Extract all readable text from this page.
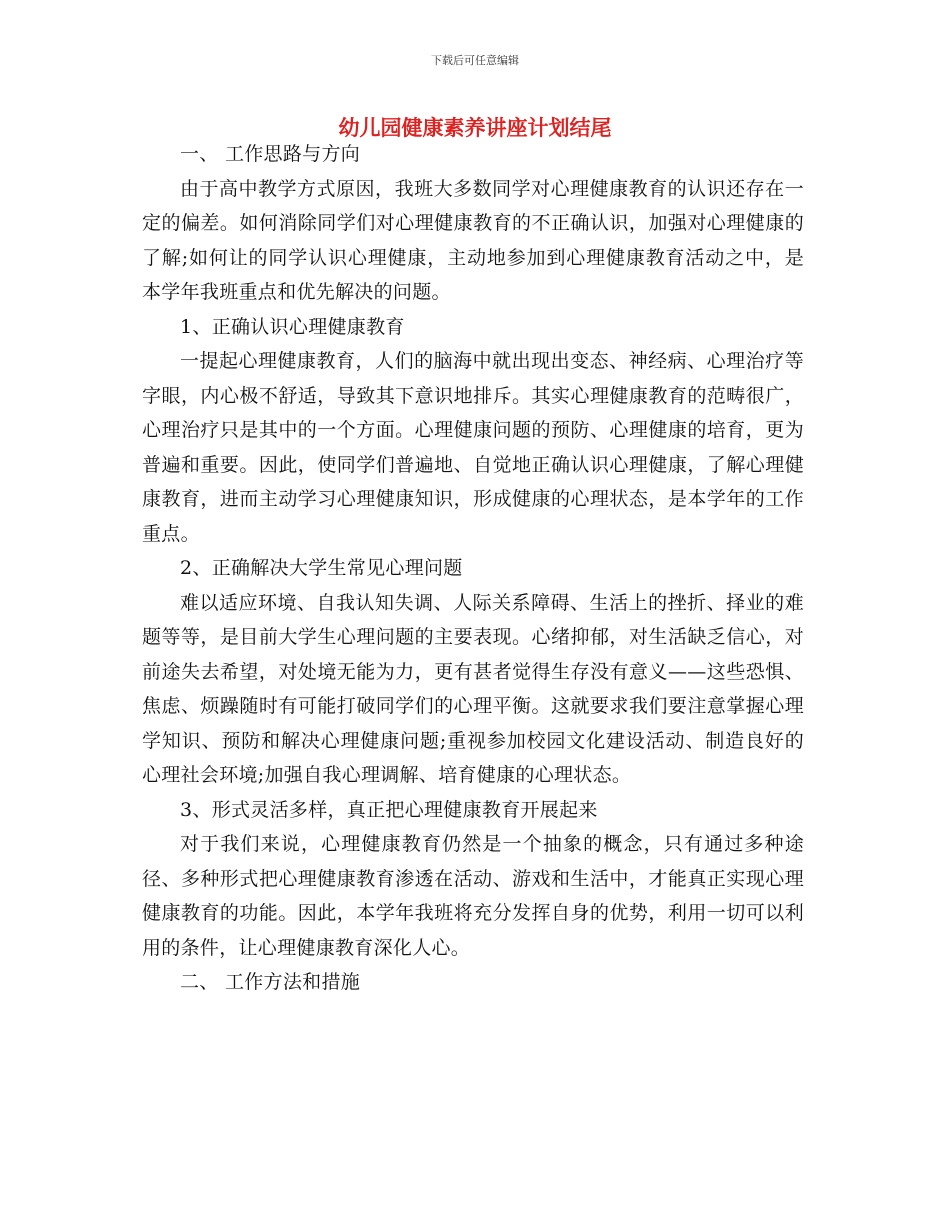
下载后可任意编辑
幼儿园健康素养讲座计划结尾

一、 工作思路与方向

由于高中教学方式原因，我班大多数同学对心理健康教育的认识还存在一定的偏差。如何消除同学们对心理健康教育的不正确认识，加强对心理健康的了解;如何让的同学认识心理健康，主动地参加到心理健康教育活动之中，是本学年我班重点和优先解决的问题。

1、正确认识心理健康教育

一提起心理健康教育，人们的脑海中就出现出变态、神经病、心理治疗等字眼，内心极不舒适，导致其下意识地排斥。其实心理健康教育的范畴很广，心理治疗只是其中的一个方面。心理健康问题的预防、心理健康的培育，更为普遍和重要。因此，使同学们普遍地、自觉地正确认识心理健康，了解心理健康教育，进而主动学习心理健康知识，形成健康的心理状态，是本学年的工作重点。

2、正确解决大学生常见心理问题

难以适应环境、自我认知失调、人际关系障碍、生活上的挫折、择业的难题等等，是目前大学生心理问题的主要表现。心绪抑郁，对生活缺乏信心，对前途失去希望，对处境无能为力，更有甚者觉得生存没有意义——这些恐惧、焦虑、烦躁随时有可能打破同学们的心理平衡。这就要求我们要注意掌握心理学知识、预防和解决心理健康问题;重视参加校园文化建设活动、制造良好的心理社会环境;加强自我心理调解、培育健康的心理状态。

3、形式灵活多样，真正把心理健康教育开展起来

对于我们来说，心理健康教育仍然是一个抽象的概念，只有通过多种途径、多种形式把心理健康教育渗透在活动、游戏和生活中，才能真正实现心理健康教育的功能。因此，本学年我班将充分发挥自身的优势，利用一切可以利用的条件，让心理健康教育深化人心。

二、 工作方法和措施
